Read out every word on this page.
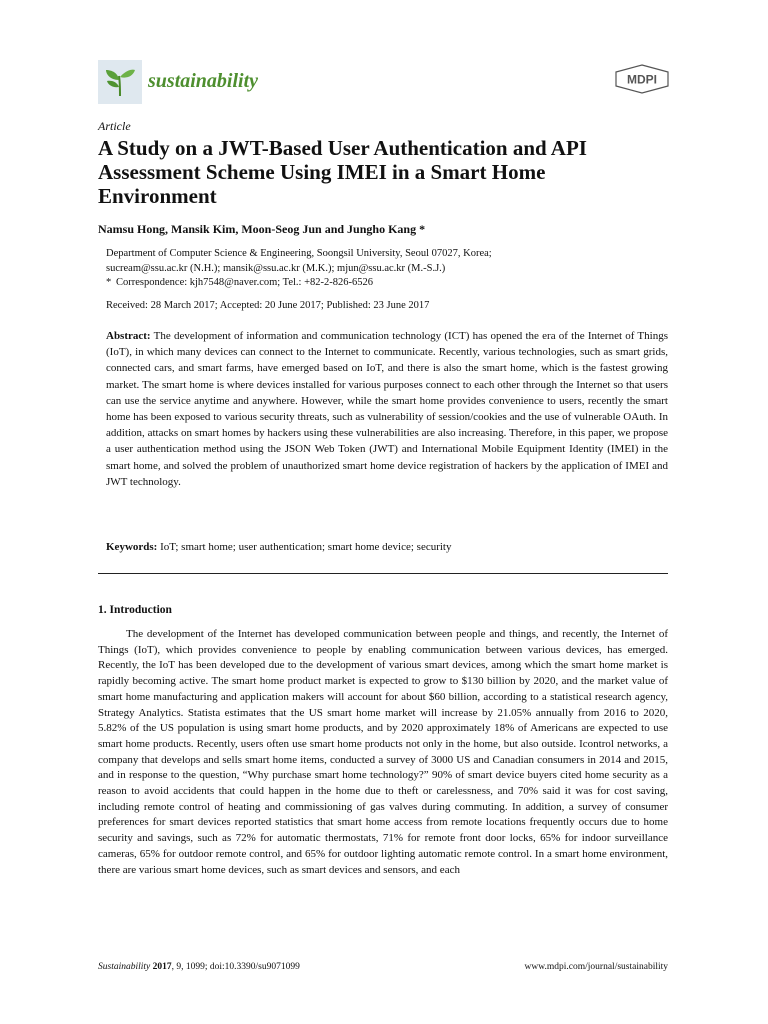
sustainability	MDPI
Article
A Study on a JWT-Based User Authentication and API Assessment Scheme Using IMEI in a Smart Home Environment
Namsu Hong, Mansik Kim, Moon-Seog Jun and Jungho Kang *
Department of Computer Science & Engineering, Soongsil University, Seoul 07027, Korea;
sucream@ssu.ac.kr (N.H.); mansik@ssu.ac.kr (M.K.); mjun@ssu.ac.kr (M.-S.J.)
* Correspondence: kjh7548@naver.com; Tel.: +82-2-826-6526
Received: 28 March 2017; Accepted: 20 June 2017; Published: 23 June 2017

Abstract: The development of information and communication technology (ICT) has opened the era of the Internet of Things (IoT), in which many devices can connect to the Internet to communicate. Recently, various technologies, such as smart grids, connected cars, and smart farms, have emerged based on IoT, and there is also the smart home, which is the fastest growing market. The smart home is where devices installed for various purposes connect to each other through the Internet so that users can use the service anytime and anywhere. However, while the smart home provides convenience to users, recently the smart home has been exposed to various security threats, such as vulnerability of session/cookies and the use of vulnerable OAuth. In addition, attacks on smart homes by hackers using these vulnerabilities are also increasing. Therefore, in this paper, we propose a user authentication method using the JSON Web Token (JWT) and International Mobile Equipment Identity (IMEI) in the smart home, and solved the problem of unauthorized smart home device registration of hackers by the application of IMEI and JWT technology.

Keywords: IoT; smart home; user authentication; smart home device; security
1. Introduction

The development of the Internet has developed communication between people and things, and recently, the Internet of Things (IoT), which provides convenience to people by enabling communication between various devices, has emerged. Recently, the IoT has been developed due to the development of various smart devices, among which the smart home market is rapidly becoming active. The smart home product market is expected to grow to $130 billion by 2020, and the market value of smart home manufacturing and application makers will account for about $60 billion, according to a statistical research agency, Strategy Analytics. Statista estimates that the US smart home market will increase by 21.05% annually from 2016 to 2020, 5.82% of the US population is using smart home products, and by 2020 approximately 18% of Americans are expected to use smart home products. Recently, users often use smart home products not only in the home, but also outside. Icontrol networks, a company that develops and sells smart home items, conducted a survey of 3000 US and Canadian consumers in 2014 and 2015, and in response to the question, “Why purchase smart home technology?” 90% of smart device buyers cited home security as a reason to avoid accidents that could happen in the home due to theft or carelessness, and 70% said it was for cost saving, including remote control of heating and commissioning of gas valves during commuting. In addition, a survey of consumer preferences for smart devices reported statistics that smart home access from remote locations frequently occurs due to home security and savings, such as 72% for automatic thermostats, 71% for remote front door locks, 65% for indoor surveillance cameras, 65% for outdoor remote control, and 65% for outdoor lighting automatic remote control. In a smart home environment, there are various smart home devices, such as smart devices and sensors, and each

Sustainability 2017, 9, 1099; doi:10.3390/su9071099	www.mdpi.com/journal/sustainability
